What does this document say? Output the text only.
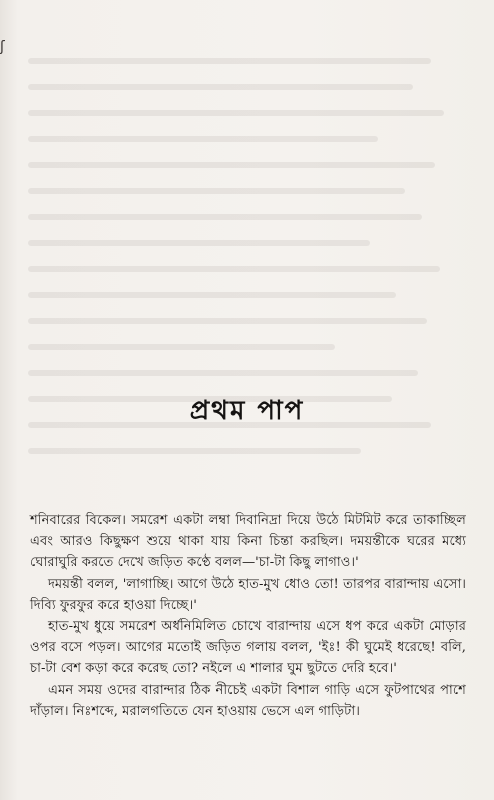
ʃ
প্রথম পাপ

শনিবারের বিকেল। সমরেশ একটা লম্বা দিবানিদ্রা দিয়ে উঠে মিটমিট করে তাকাচ্ছিল এবং আরও কিছুক্ষণ শুয়ে থাকা যায় কিনা চিন্তা করছিল। দময়ন্তীকে ঘরের মধ্যে ঘোরাঘুরি করতে দেখে জড়িত কণ্ঠে বলল—'চা-টা কিছু লাগাও।'

দময়ন্তী বলল, 'লাগাচ্ছি। আগে উঠে হাত-মুখ ধোও তো! তারপর বারান্দায় এসো। দিব্যি ফুরফুর করে হাওয়া দিচ্ছে।'

হাত-মুখ ধুয়ে সমরেশ অর্ধনিমিলিত চোখে বারান্দায় এসে ধপ করে একটা মোড়ার ওপর বসে পড়ল। আগের মতোই জড়িত গলায় বলল, 'ইঃ! কী ঘুমেই ধরেছে! বলি, চা-টা বেশ কড়া করে করেছ তো? নইলে এ শালার ঘুম ছুটতে দেরি হবে।'

এমন সময় ওদের বারান্দার ঠিক নীচেই একটা বিশাল গাড়ি এসে ফুটপাথের পাশে দাঁড়াল। নিঃশব্দে, মরালগতিতে যেন হাওয়ায় ভেসে এল গাড়িটা।
